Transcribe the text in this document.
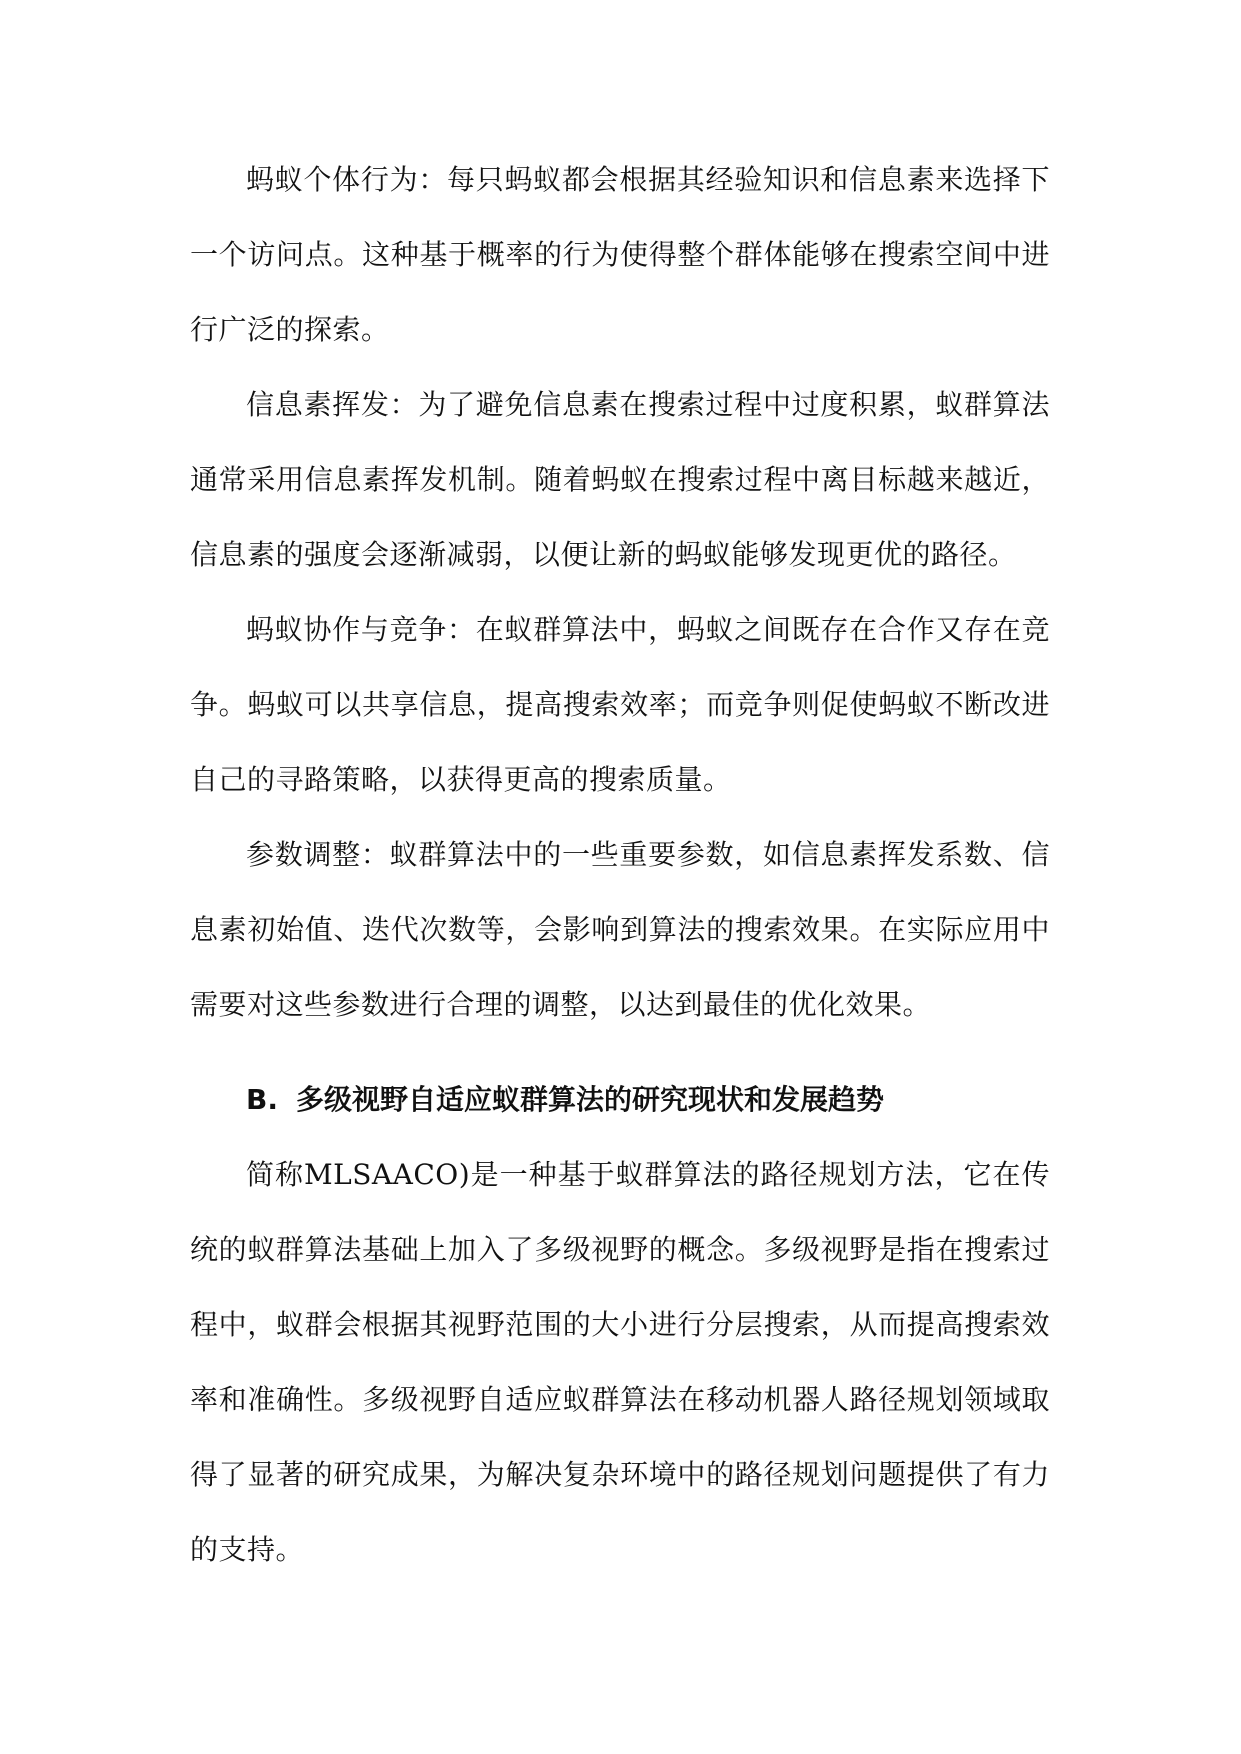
蚂蚁个体行为：每只蚂蚁都会根据其经验知识和信息素来选择下一个访问点。这种基于概率的行为使得整个群体能够在搜索空间中进行广泛的探索。

信息素挥发：为了避免信息素在搜索过程中过度积累，蚁群算法通常采用信息素挥发机制。随着蚂蚁在搜索过程中离目标越来越近，信息素的强度会逐渐减弱，以便让新的蚂蚁能够发现更优的路径。

蚂蚁协作与竞争：在蚁群算法中，蚂蚁之间既存在合作又存在竞争。蚂蚁可以共享信息，提高搜索效率；而竞争则促使蚂蚁不断改进自己的寻路策略，以获得更高的搜索质量。

参数调整：蚁群算法中的一些重要参数，如信息素挥发系数、信息素初始值、迭代次数等，会影响到算法的搜索效果。在实际应用中需要对这些参数进行合理的调整，以达到最佳的优化效果。

B. 多级视野自适应蚁群算法的研究现状和发展趋势

简称MLSAACO)是一种基于蚁群算法的路径规划方法，它在传统的蚁群算法基础上加入了多级视野的概念。多级视野是指在搜索过程中，蚁群会根据其视野范围的大小进行分层搜索，从而提高搜索效率和准确性。多级视野自适应蚁群算法在移动机器人路径规划领域取得了显著的研究成果，为解决复杂环境中的路径规划问题提供了有力的支持。
